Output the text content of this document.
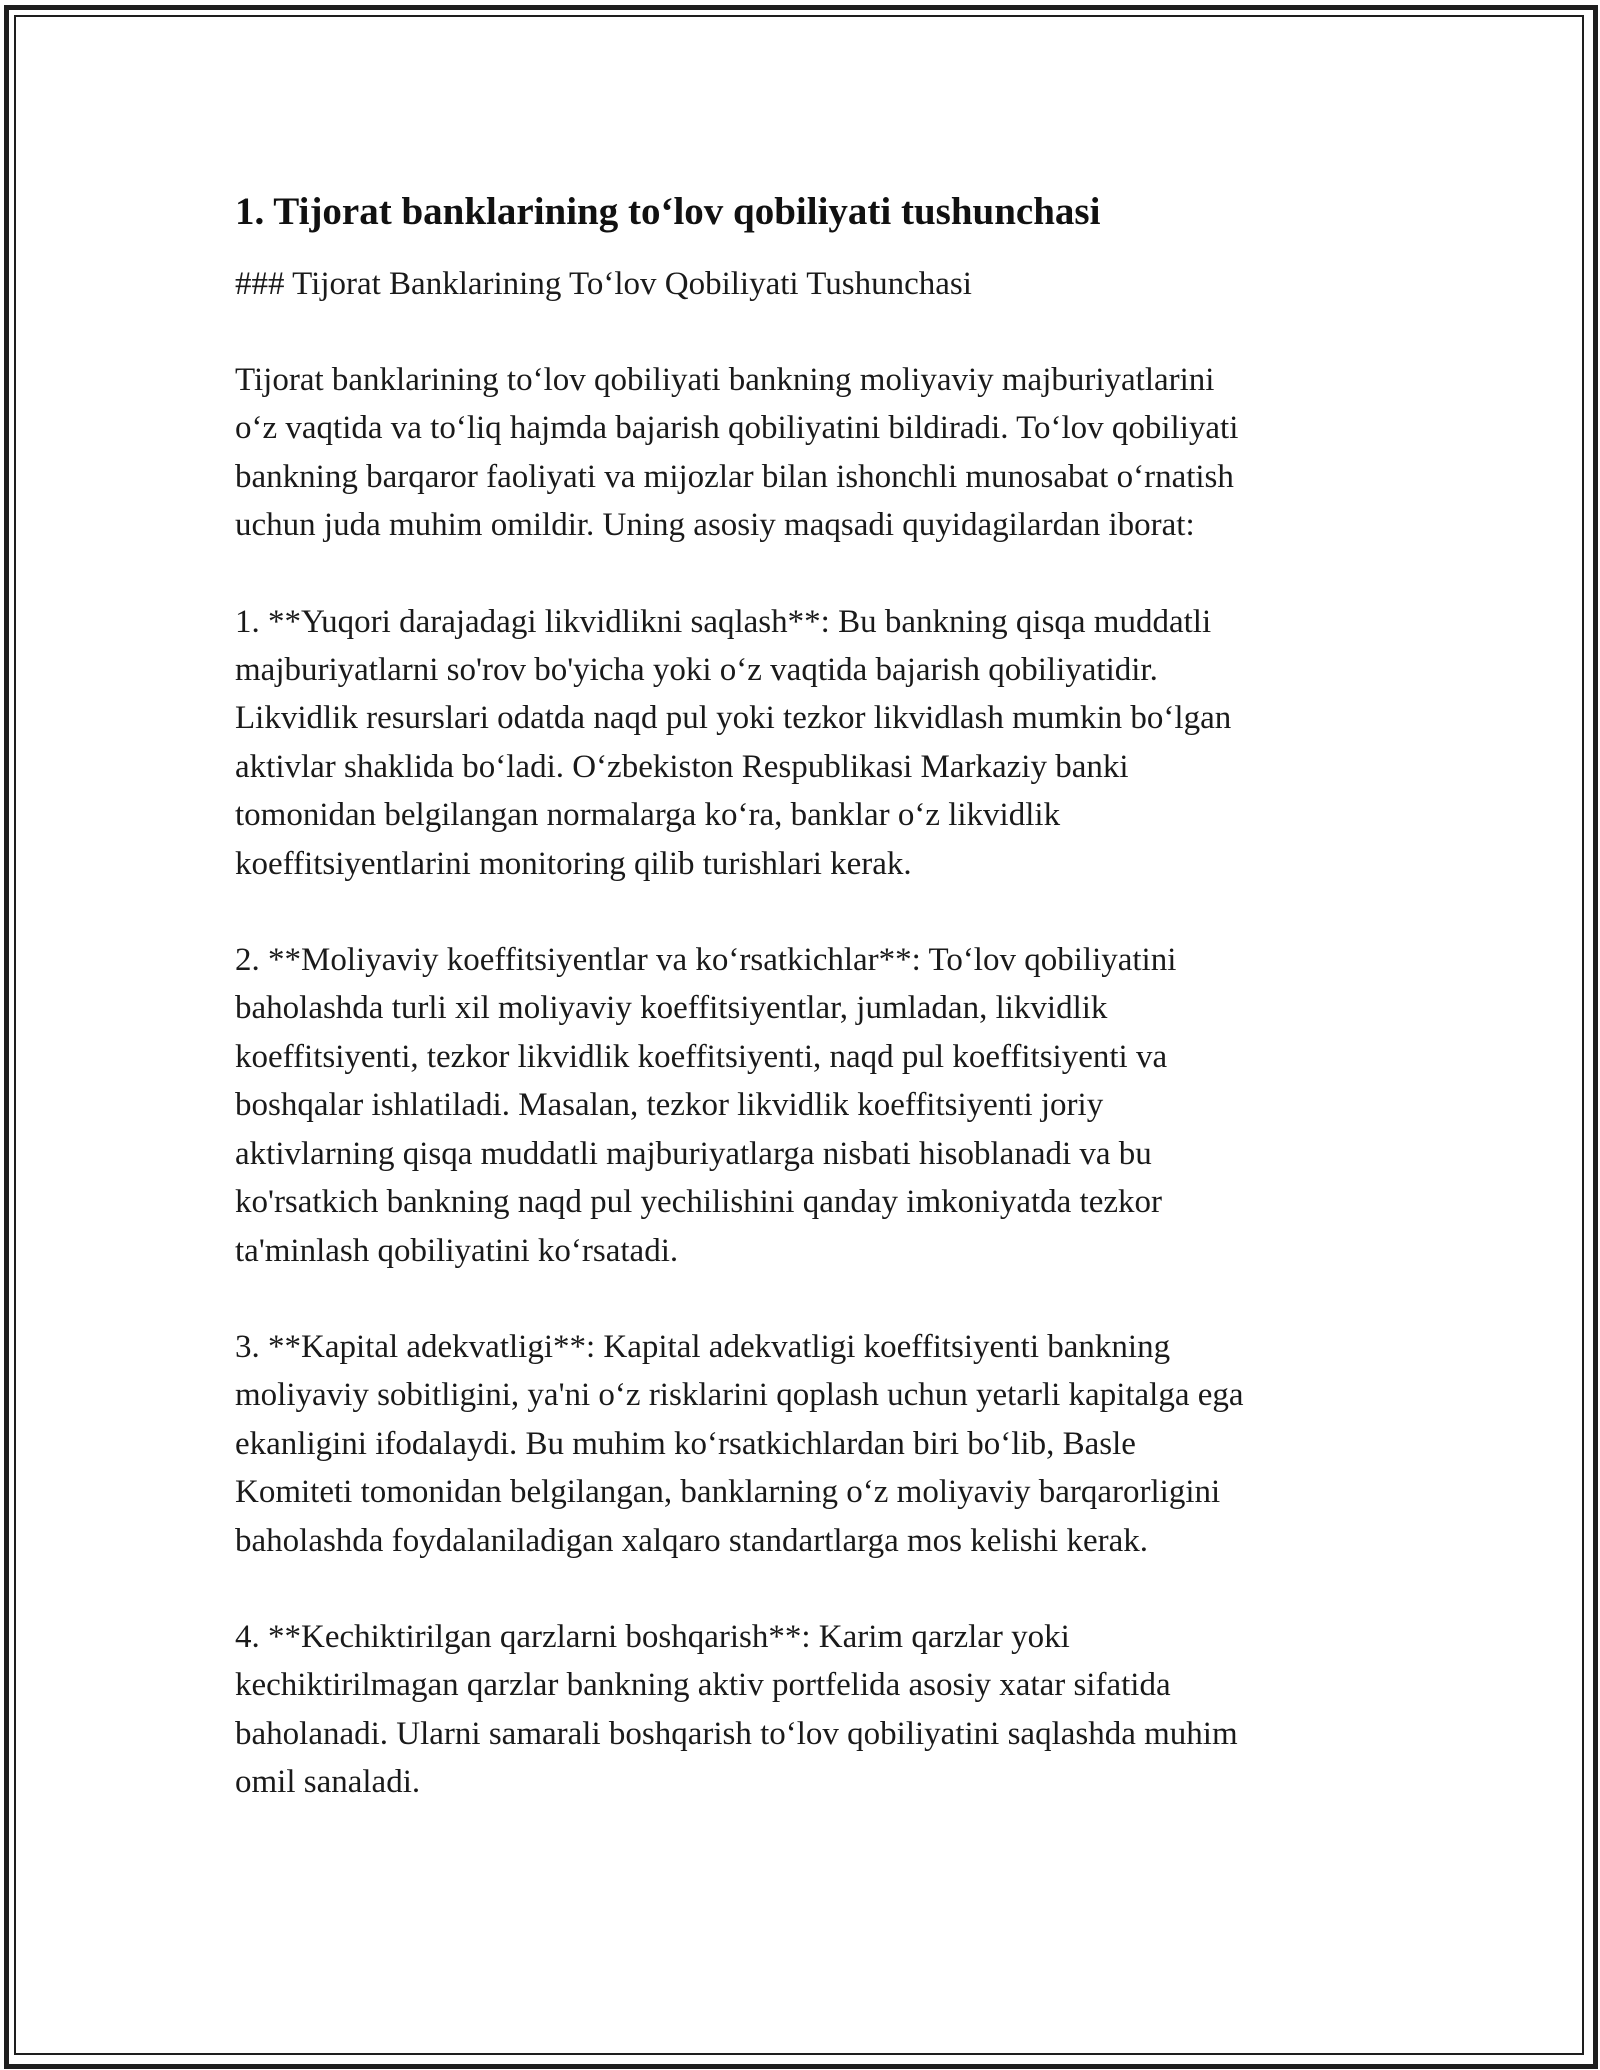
1. Tijorat banklarining to‘lov qobiliyati tushunchasi

### Tijorat Banklarining To‘lov Qobiliyati Tushunchasi

Tijorat banklarining to‘lov qobiliyati bankning moliyaviy majburiyatlarini
o‘z vaqtida va to‘liq hajmda bajarish qobiliyatini bildiradi. To‘lov qobiliyati
bankning barqaror faoliyati va mijozlar bilan ishonchli munosabat o‘rnatish
uchun juda muhim omildir. Uning asosiy maqsadi quyidagilardan iborat:

1. **Yuqori darajadagi likvidlikni saqlash**: Bu bankning qisqa muddatli
majburiyatlarni so'rov bo'yicha yoki o‘z vaqtida bajarish qobiliyatidir.
Likvidlik resurslari odatda naqd pul yoki tezkor likvidlash mumkin bo‘lgan
aktivlar shaklida bo‘ladi. O‘zbekiston Respublikasi Markaziy banki
tomonidan belgilangan normalarga ko‘ra, banklar o‘z likvidlik
koeffitsiyentlarini monitoring qilib turishlari kerak.

2. **Moliyaviy koeffitsiyentlar va ko‘rsatkichlar**: To‘lov qobiliyatini
baholashda turli xil moliyaviy koeffitsiyentlar, jumladan, likvidlik
koeffitsiyenti, tezkor likvidlik koeffitsiyenti, naqd pul koeffitsiyenti va
boshqalar ishlatiladi. Masalan, tezkor likvidlik koeffitsiyenti joriy
aktivlarning qisqa muddatli majburiyatlarga nisbati hisoblanadi va bu
ko'rsatkich bankning naqd pul yechilishini qanday imkoniyatda tezkor
ta'minlash qobiliyatini ko‘rsatadi.

3. **Kapital adekvatligi**: Kapital adekvatligi koeffitsiyenti bankning
moliyaviy sobitligini, ya'ni o‘z risklarini qoplash uchun yetarli kapitalga ega
ekanligini ifodalaydi. Bu muhim ko‘rsatkichlardan biri bo‘lib, Basle
Komiteti tomonidan belgilangan, banklarning o‘z moliyaviy barqarorligini
baholashda foydalaniladigan xalqaro standartlarga mos kelishi kerak.

4. **Kechiktirilgan qarzlarni boshqarish**: Karim qarzlar yoki
kechiktirilmagan qarzlar bankning aktiv portfelida asosiy xatar sifatida
baholanadi. Ularni samarali boshqarish to‘lov qobiliyatini saqlashda muhim
omil sanaladi.
